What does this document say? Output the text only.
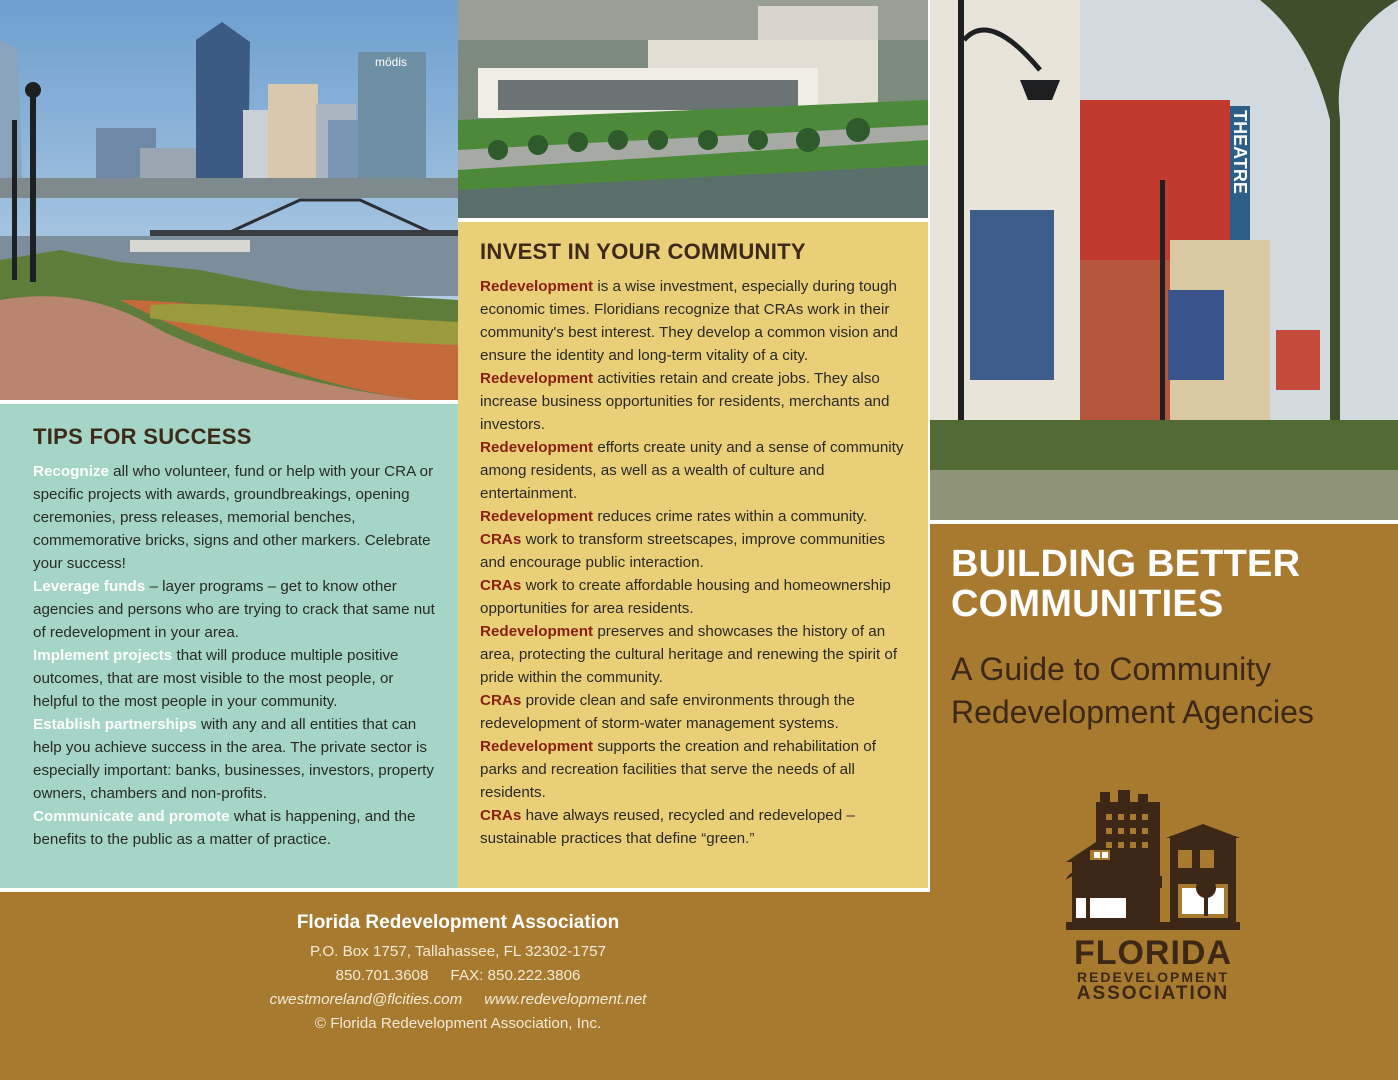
mödis
THEATRE
TIPS FOR SUCCESS

Recognize all who volunteer, fund or help with your CRA or specific projects with awards, groundbreakings, opening ceremonies, press releases, memorial benches, commemorative bricks, signs and other markers. Celebrate your success!

Leverage funds – layer programs – get to know other agencies and persons who are trying to crack that same nut of redevelopment in your area.

Implement projects that will produce multiple positive outcomes, that are most visible to the most people, or helpful to the most people in your community.

Establish partnerships with any and all entities that can help you achieve success in the area. The private sector is especially important: banks, businesses, investors, property owners, chambers and non-profits.

Communicate and promote what is happening, and the benefits to the public as a matter of practice.

INVEST IN YOUR COMMUNITY

Redevelopment is a wise investment, especially during tough economic times. Floridians recognize that CRAs work in their community's best interest. They develop a common vision and ensure the identity and long-term vitality of a city.

Redevelopment activities retain and create jobs. They also increase business opportunities for residents, merchants and investors.

Redevelopment efforts create unity and a sense of community among residents, as well as a wealth of culture and entertainment.

Redevelopment reduces crime rates within a community.

CRAs work to transform streetscapes, improve communities and encourage public interaction.

CRAs work to create affordable housing and homeownership opportunities for area residents.

Redevelopment preserves and showcases the history of an area, protecting the cultural heritage and renewing the spirit of pride within the community.

CRAs provide clean and safe environments through the redevelopment of storm-water management systems.

Redevelopment supports the creation and rehabilitation of parks and recreation facilities that serve the needs of all residents.

CRAs have always reused, recycled and redeveloped – sustainable practices that define “green.”

BUILDING BETTER COMMUNITIES
A Guide to Community Redevelopment Agencies
FLORIDA
REDEVELOPMENT
ASSOCIATION
Florida Redevelopment Association
P.O. Box 1757, Tallahassee, FL 32302-1757
850.701.3608 FAX: 850.222.3806
cwestmoreland@flcities.com www.redevelopment.net
© Florida Redevelopment Association, Inc.
